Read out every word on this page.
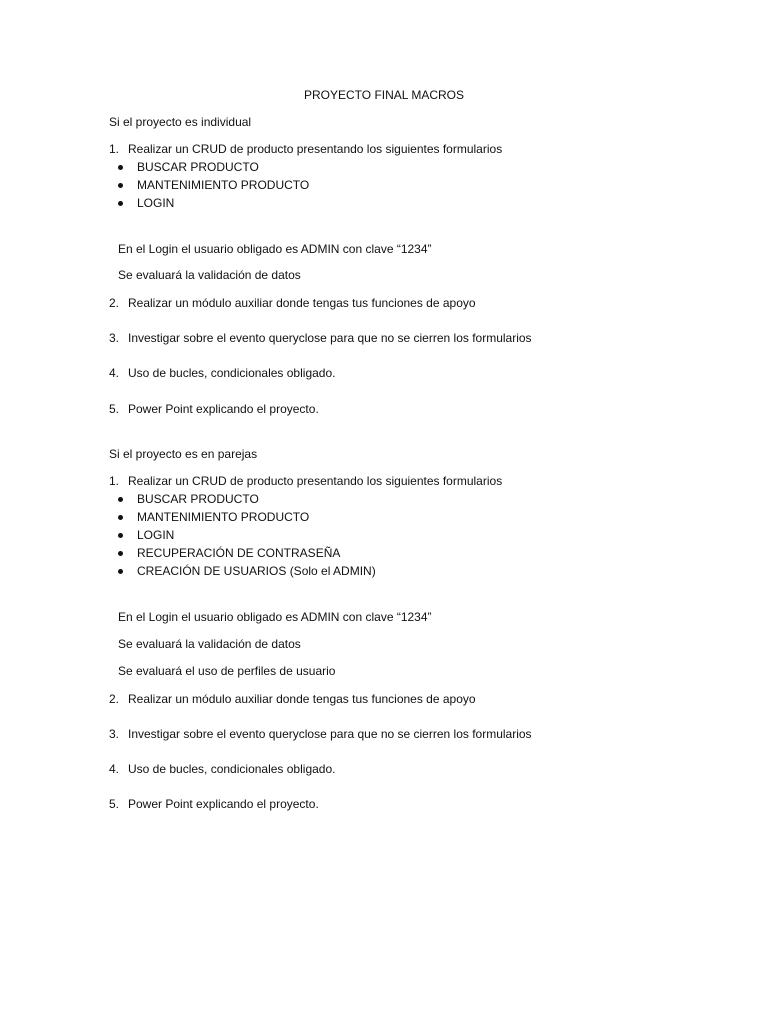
PROYECTO FINAL MACROS
Si el proyecto es individual
1. Realizar un CRUD de producto presentando los siguientes formularios
BUSCAR PRODUCTO
MANTENIMIENTO PRODUCTO
LOGIN
En el Login el usuario obligado es ADMIN con clave “1234”
Se evaluará la validación de datos
2. Realizar un módulo auxiliar donde tengas tus funciones de apoyo
3. Investigar sobre el evento queryclose para que no se cierren los formularios
4. Uso de bucles, condicionales obligado.
5. Power Point explicando el proyecto.
Si el proyecto es en parejas
1. Realizar un CRUD de producto presentando los siguientes formularios
BUSCAR PRODUCTO
MANTENIMIENTO PRODUCTO
LOGIN
RECUPERACIÓN DE CONTRASEÑA
CREACIÓN DE USUARIOS (Solo el ADMIN)
En el Login el usuario obligado es ADMIN con clave “1234”
Se evaluará la validación de datos
Se evaluará el uso de perfiles de usuario
2. Realizar un módulo auxiliar donde tengas tus funciones de apoyo
3. Investigar sobre el evento queryclose para que no se cierren los formularios
4. Uso de bucles, condicionales obligado.
5. Power Point explicando el proyecto.
